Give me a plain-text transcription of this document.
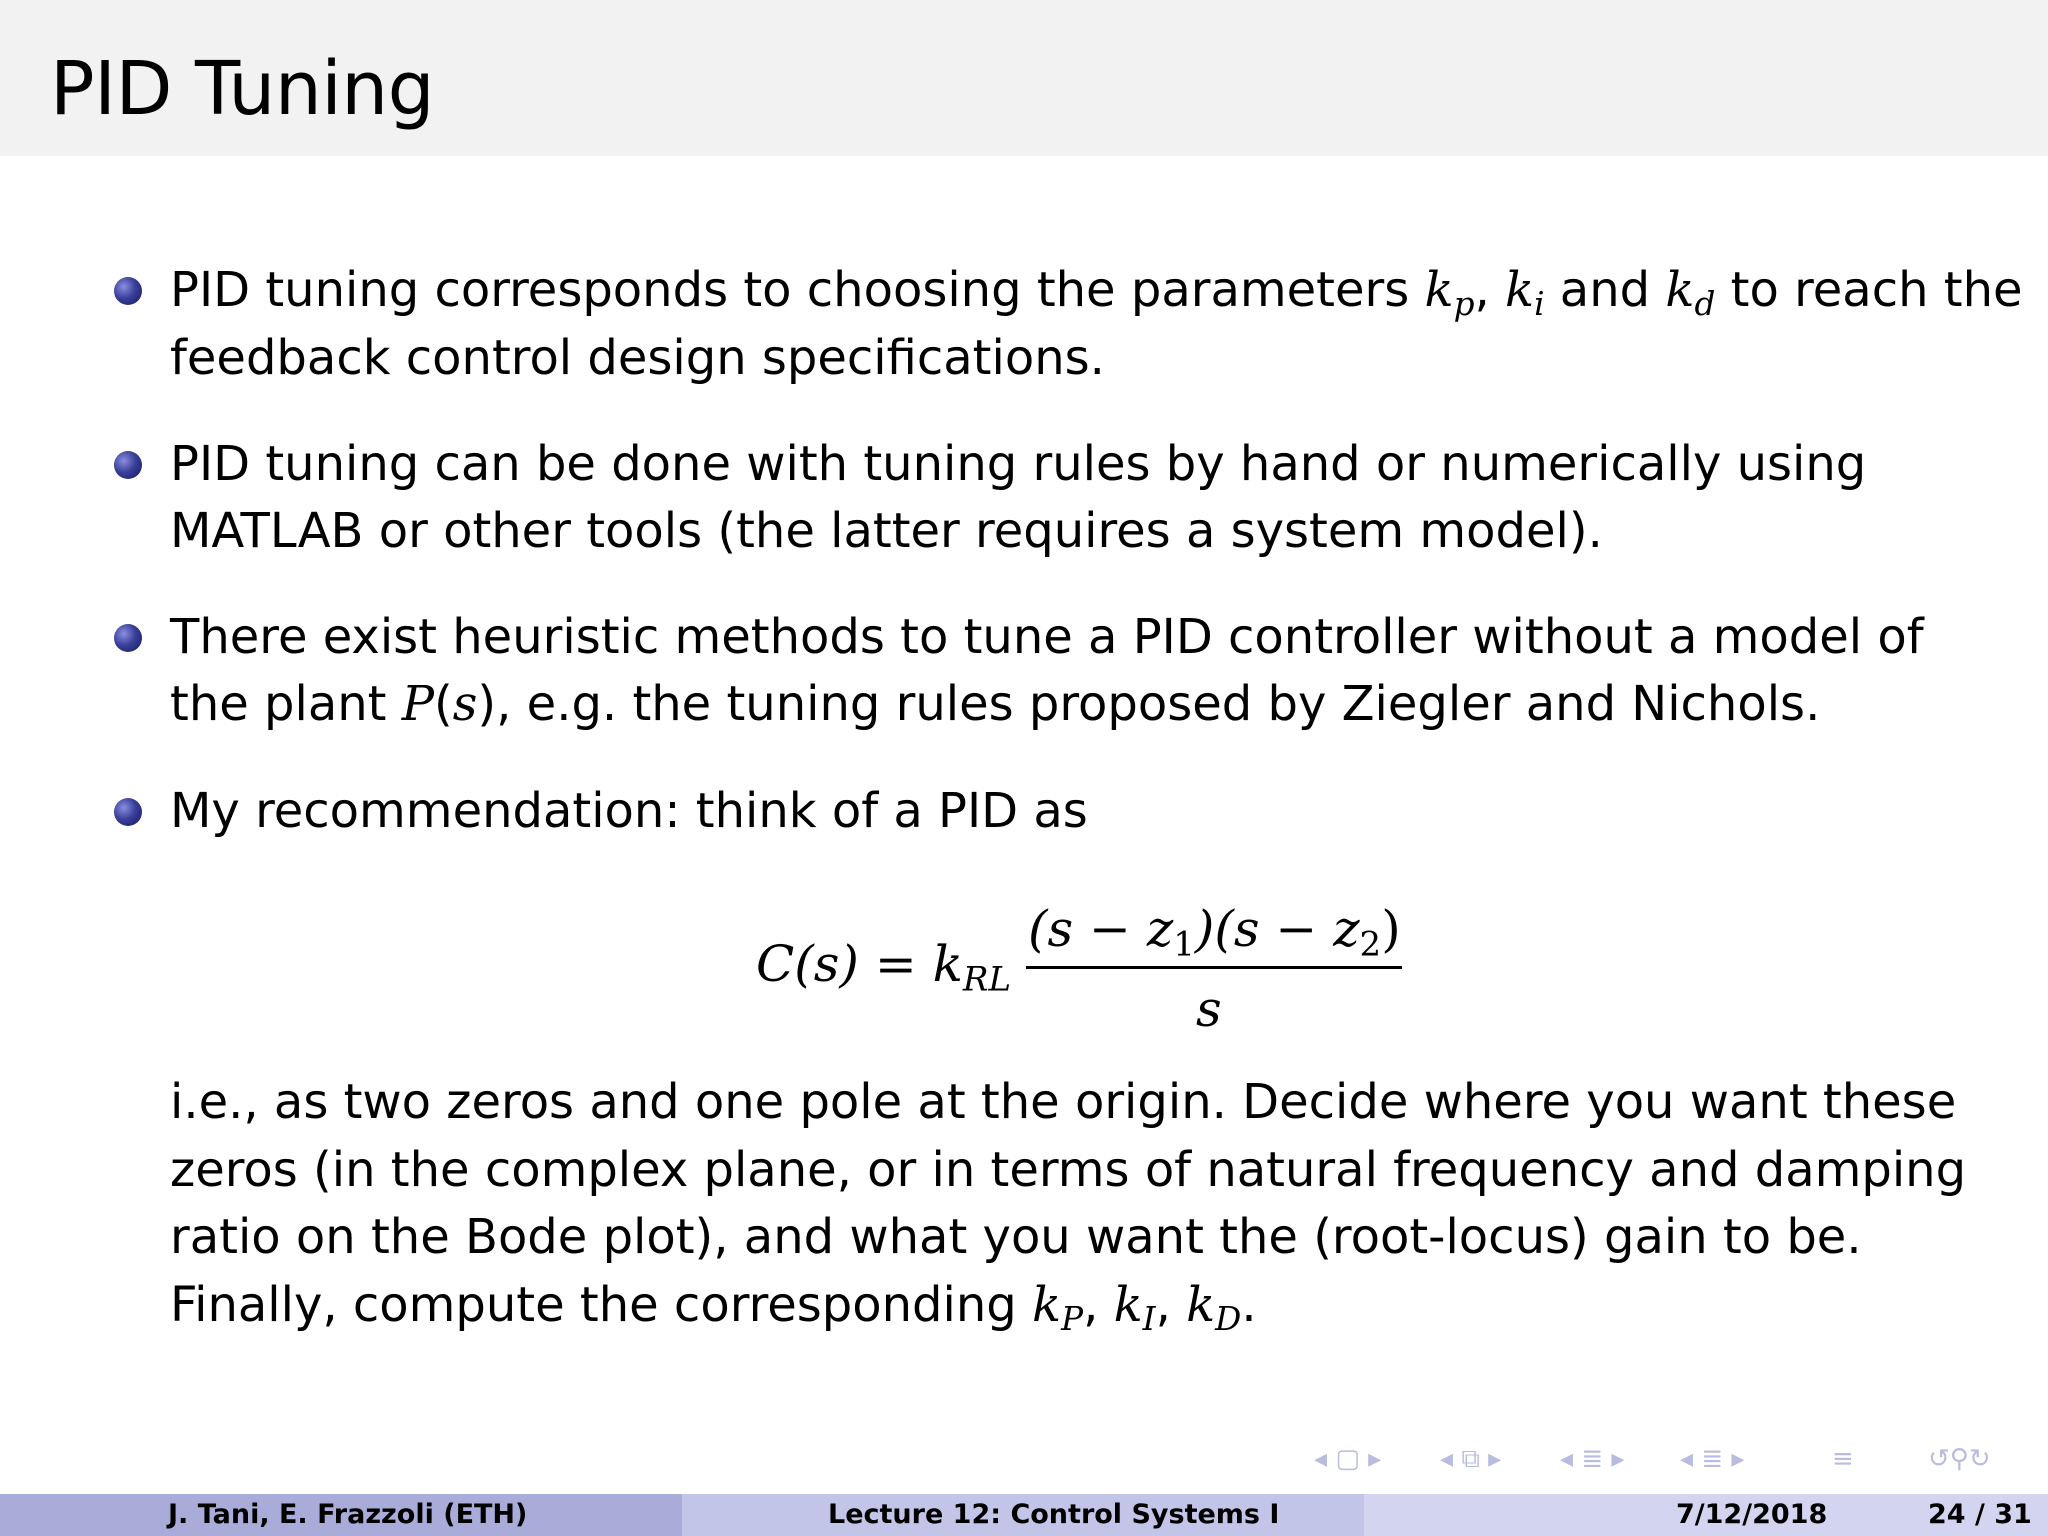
PID Tuning
PID tuning corresponds to choosing the parameters $k_p$, $k_i$ and $k_d$ to reach the
feedback control design specifications.
PID tuning can be done with tuning rules by hand or numerically using
MATLAB or other tools (the latter requires a system model).
There exist heuristic methods to tune a PID controller without a model of
the plant P(s), e.g. the tuning rules proposed by Ziegler and Nichols.
My recommendation: think of a PID as
$C(s) = k_{RL}$
$(s - z_1)(s - z_2)$
s
i.e., as two zeros and one pole at the origin. Decide where you want these
zeros (in the complex plane, or in terms of natural frequency and damping
ratio on the Bode plot), and what you want the (root-locus) gain to be.
Finally, compute the corresponding $k_P$, $k_I$, $k_D$.
◂ ▢ ▸ ◂ ⧉ ▸ ◂ ≣ ▸ ◂ ≣ ▸	≡	↺⚲↻
J. Tani, E. Frazzoli (ETH)	Lecture 12: Control Systems I	7/12/2018	24 / 31
